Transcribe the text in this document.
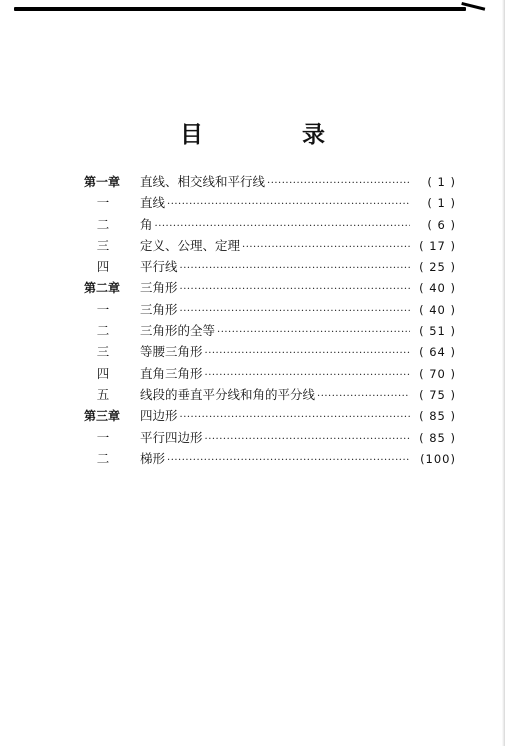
目　录
第一章	直线、相交线和平行线 ·····	( 1 )
一	直线 ·····	( 1 )
二	角 ·····	( 6 )
三	定义、公理、定理 ·····	( 17 )
四	平行线 ·····	( 25 )
第二章	三角形 ·····	( 40 )
一	三角形 ·····	( 40 )
二	三角形的全等 ·····	( 51 )
三	等腰三角形 ·····	( 64 )
四	直角三角形 ·····	( 70 )
五	线段的垂直平分线和角的平分线 ·····	( 75 )
第三章	四边形 ·····	( 85 )
一	平行四边形 ·····	( 85 )
二	梯形 ·····	(100)
